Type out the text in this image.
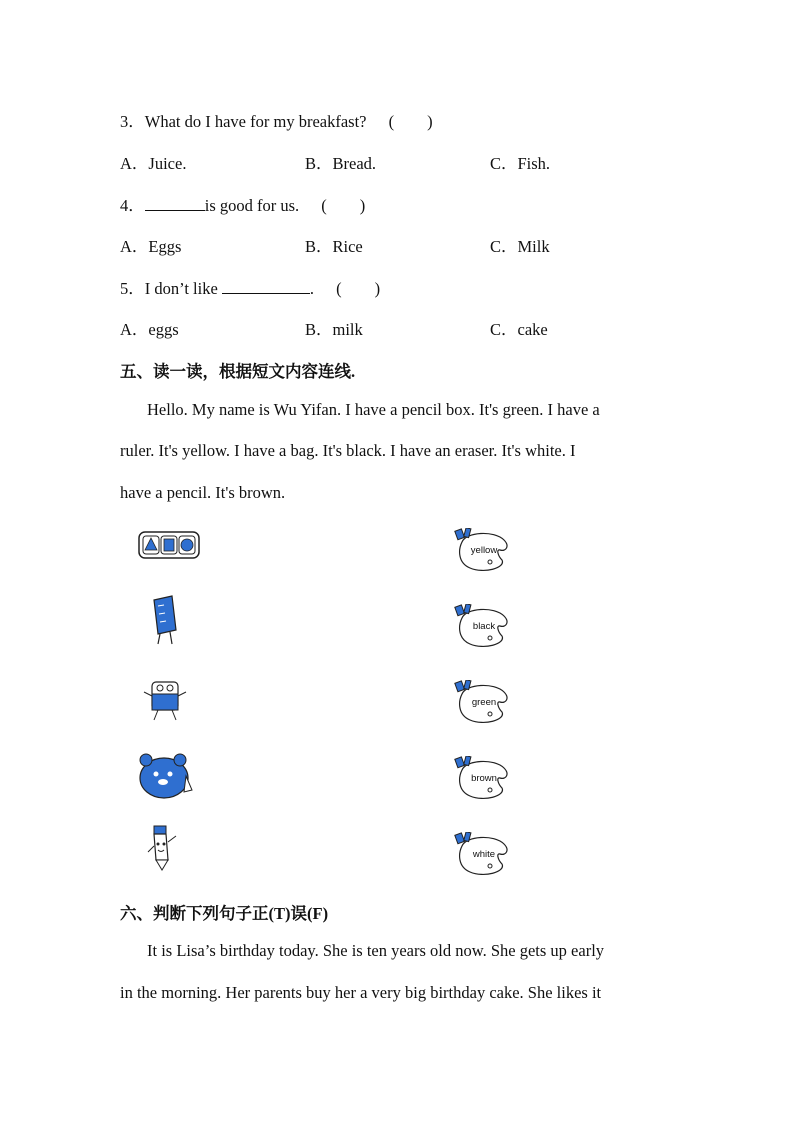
3．What do I have for my breakfast? (        )
A．Juice.	B．Bread.	C．Fish.
4．	is good for us. (        )
A．Eggs	B．Rice	C．Milk
5．I don’t like	. (        )
A．eggs	B．milk	C．cake
五、读一读，根据短文内容连线.
Hello. My name is Wu Yifan. I have a pencil box. It's green. I have a
ruler. It's yellow. I have a bag. It's black. I have an eraser. It's white. I
have a pencil. It's brown.
yellow
black
green
brown
white
六、判断下列句子正(T)误(F)
It is Lisa’s birthday today. She is ten years old now. She gets up early
in the morning. Her parents buy her a very big birthday cake. She likes it
